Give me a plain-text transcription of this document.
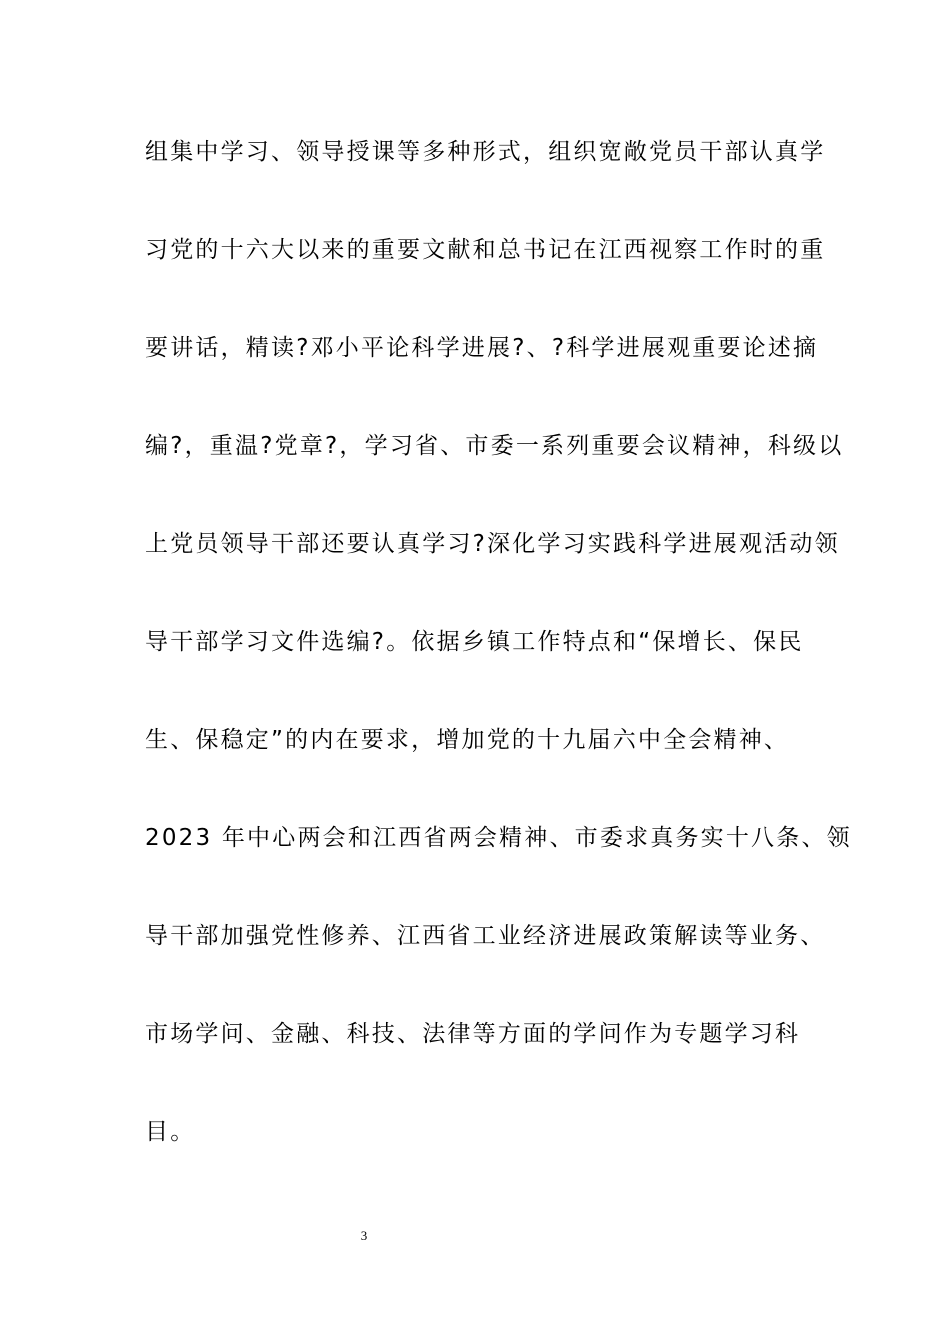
组集中学习、领导授课等多种形式，组织宽敞党员干部认真学
习党的十六大以来的重要文献和总书记在江西视察工作时的重
要讲话，精读?邓小平论科学进展?、?科学进展观重要论述摘
编?，重温?党章?，学习省、市委一系列重要会议精神，科级以
上党员领导干部还要认真学习?深化学习实践科学进展观活动领
导干部学习文件选编?。依据乡镇工作特点和“保增长、保民
生、保稳定”的内在要求，增加党的十九届六中全会精神、
2023 年中心两会和江西省两会精神、市委求真务实十八条、领
导干部加强党性修养、江西省工业经济进展政策解读等业务、
市场学问、金融、科技、法律等方面的学问作为专题学习科
目。
3
